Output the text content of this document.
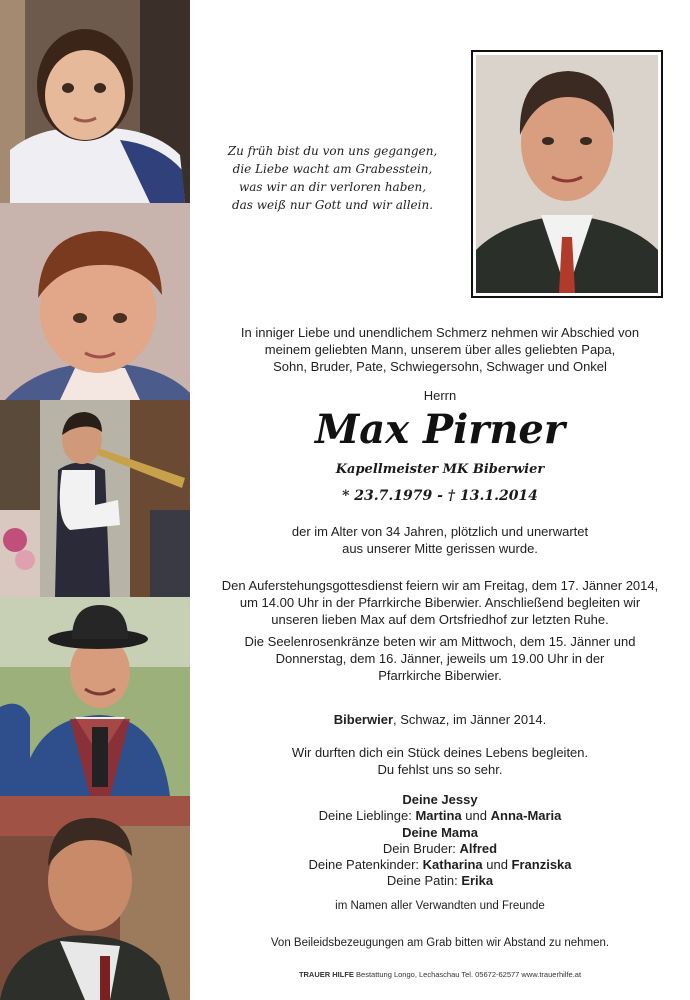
Zu früh bist du von uns gegangen,
die Liebe wacht am Grabesstein,
was wir an dir verloren haben,
das weiß nur Gott und wir allein.
In inniger Liebe und unendlichem Schmerz nehmen wir Abschied von
meinem geliebten Mann, unserem über alles geliebten Papa,
Sohn, Bruder, Pate, Schwiegersohn, Schwager und Onkel
Herrn
Max Pirner
Kapellmeister MK Biberwier
* 23.7.1979 - † 13.1.2014
der im Alter von 34 Jahren, plötzlich und unerwartet
aus unserer Mitte gerissen wurde.
Den Auferstehungsgottesdienst feiern wir am Freitag, dem 17. Jänner 2014,
um 14.00 Uhr in der Pfarrkirche Biberwier. Anschließend begleiten wir
unseren lieben Max auf dem Ortsfriedhof zur letzten Ruhe.
Die Seelenrosenkränze beten wir am Mittwoch, dem 15. Jänner und
Donnerstag, dem 16. Jänner, jeweils um 19.00 Uhr in der
Pfarrkirche Biberwier.
Biberwier, Schwaz, im Jänner 2014.
Wir durften dich ein Stück deines Lebens begleiten.
Du fehlst uns so sehr.
Deine Jessy
Deine Lieblinge: Martina und Anna-Maria
Deine Mama
Dein Bruder: Alfred
Deine Patenkinder: Katharina und Franziska
Deine Patin: Erika
im Namen aller Verwandten und Freunde
Von Beileidsbezeugungen am Grab bitten wir Abstand zu nehmen.
TRAUER HILFE Bestattung Longo, Lechaschau Tel. 05672-62577 www.trauerhilfe.at
